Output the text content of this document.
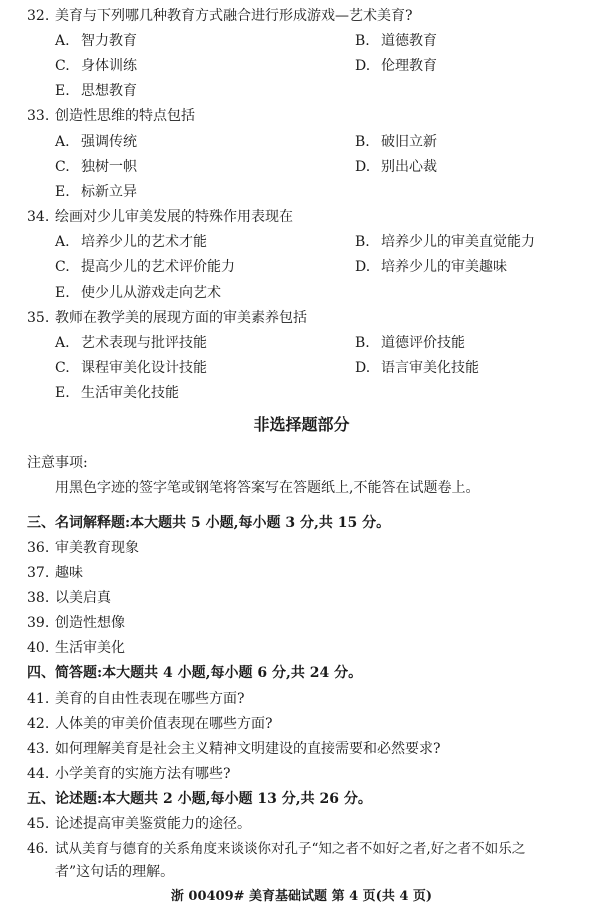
32. 美育与下列哪几种教育方式融合进行形成游戏—艺术美育?
A. 智力教育	B. 道德教育
C. 身体训练	D. 伦理教育
E. 思想教育
33. 创造性思维的特点包括
A. 强调传统	B. 破旧立新
C. 独树一帜	D. 别出心裁
E. 标新立异
34. 绘画对少儿审美发展的特殊作用表现在
A. 培养少儿的艺术才能	B. 培养少儿的审美直觉能力
C. 提高少儿的艺术评价能力	D. 培养少儿的审美趣味
E. 使少儿从游戏走向艺术
35. 教师在教学美的展现方面的审美素养包括
A. 艺术表现与批评技能	B. 道德评价技能
C. 课程审美化设计技能	D. 语言审美化技能
E. 生活审美化技能
非选择题部分
注意事项:
用黑色字迹的签字笔或钢笔将答案写在答题纸上,不能答在试题卷上。
三、名词解释题:本大题共 5 小题,每小题 3 分,共 15 分。
36. 审美教育现象
37. 趣味
38. 以美启真
39. 创造性想像
40. 生活审美化
四、简答题:本大题共 4 小题,每小题 6 分,共 24 分。
41. 美育的自由性表现在哪些方面?
42. 人体美的审美价值表现在哪些方面?
43. 如何理解美育是社会主义精神文明建设的直接需要和必然要求?
44. 小学美育的实施方法有哪些?
五、论述题:本大题共 2 小题,每小题 13 分,共 26 分。
45. 论述提高审美鉴赏能力的途径。
46. 试从美育与德育的关系角度来谈谈你对孔子“知之者不如好之者,好之者不如乐之
者”这句话的理解。
浙 00409# 美育基础试题 第 4 页(共 4 页)
